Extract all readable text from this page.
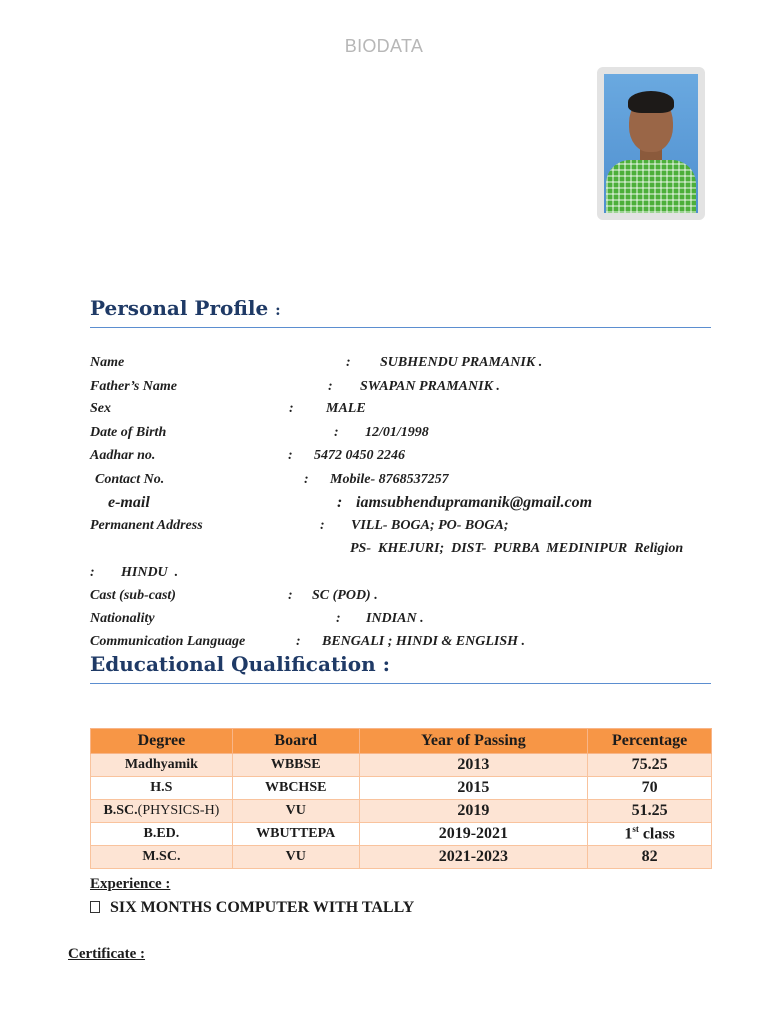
BIODATA
Personal Profile :
Name	: SUBHENDU PRAMANIK .
Father’s Name	: SWAPAN PRAMANIK .
Sex	: MALE
Date of Birth	: 12/01/1998
Aadhar no.	: 5472 0450 2246
Contact No.	: Mobile- 8768537257
e-mail	: iamsubhendupramanik@gmail.com
Permanent Address	: VILL- BOGA; PO- BOGA;
PS-  KHEJURI;  DIST-  PURBA  MEDINIPUR  Religion
: HINDU  .
Cast (sub-cast)	: SC (POD) .
Nationality	: INDIAN .
Communication Language	: BENGALI ; HINDI & ENGLISH .
Educational Qualification :
Degree	Board	Year of Passing	Percentage
Madhyamik	WBBSE	2013	75.25
H.S	WBCHSE	2015	70
B.SC.(PHYSICS-H)	VU	2019	51.25
B.ED.	WBUTTEPA	2019-2021	1st class
M.SC.	VU	2021-2023	82
Experience :
SIX MONTHS COMPUTER WITH TALLY
Certificate :
